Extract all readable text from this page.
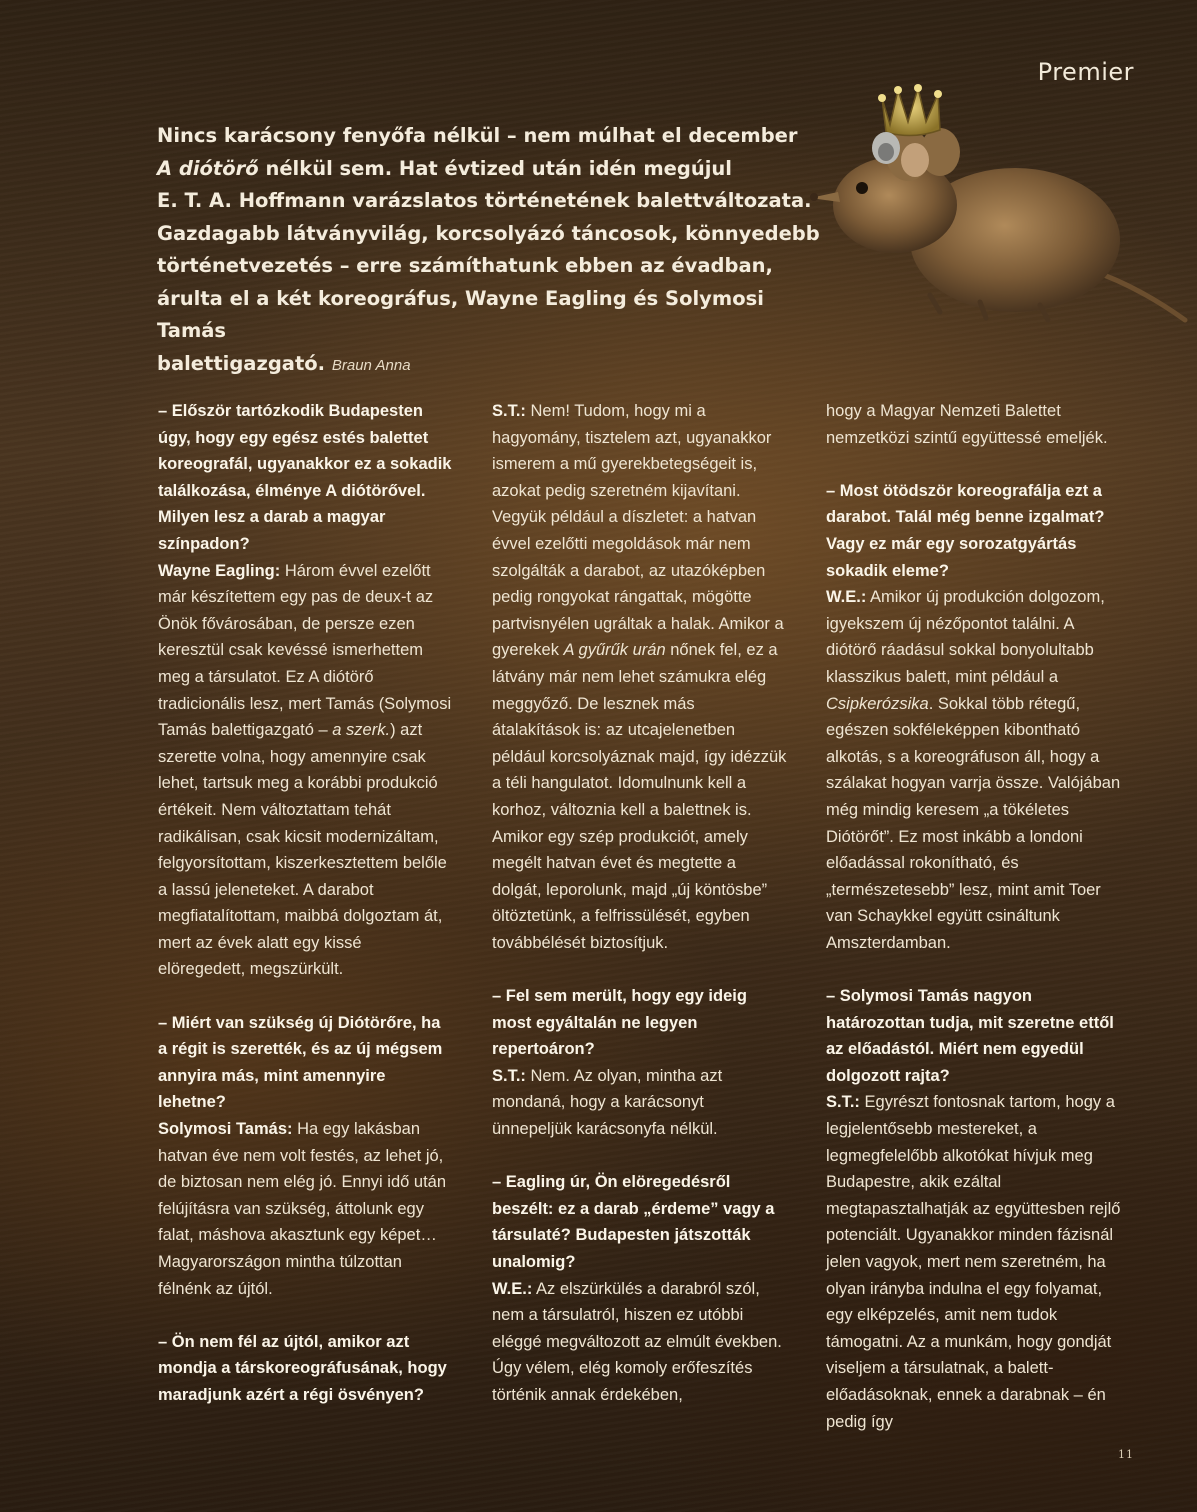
Premier

Nincs karácsony fenyőfa nélkül – nem múlhat el december
A diótörő nélkül sem. Hat évtized után idén megújul
E. T. A. Hoffmann varázslatos történetének balettváltozata.
Gazdagabb látványvilág, korcsolyázó táncosok, könnyedebb
történetvezetés – erre számíthatunk ebben az évadban,
árulta el a két koreográfus, Wayne Eagling és Solymosi Tamás
balettigazgató. Braun Anna

– Először tartózkodik Budapesten úgy, hogy egy egész estés balettet koreografál, ugyanakkor ez a sokadik találkozása, élménye A diótörővel. Milyen lesz a darab a magyar színpadon?

Wayne Eagling: Három évvel ezelőtt már készítettem egy pas de deux-t az Önök fővárosában, de persze ezen keresztül csak kevéssé ismerhettem meg a társulatot. Ez A diótörő tradicionális lesz, mert Tamás (Solymosi Tamás balettigazgató – a szerk.) azt szerette volna, hogy amennyire csak lehet, tartsuk meg a korábbi produkció értékeit. Nem változtattam tehát radikálisan, csak kicsit modernizáltam, felgyorsítottam, kiszerkesztettem belőle a lassú jeleneteket. A darabot megfiatalítottam, maibbá dolgoztam át, mert az évek alatt egy kissé elöregedett, megszürkült.

– Miért van szükség új Diótörőre, ha a régit is szerették, és az új mégsem annyira más, mint amennyire lehetne?

Solymosi Tamás: Ha egy lakásban hatvan éve nem volt festés, az lehet jó, de biztosan nem elég jó. Ennyi idő után felújításra van szükség, áttolunk egy falat, máshova akasztunk egy képet… Magyarországon mintha túlzottan félnénk az újtól.

– Ön nem fél az újtól, amikor azt mondja a társkoreográfusának, hogy maradjunk azért a régi ösvényen?

S.T.: Nem! Tudom, hogy mi a hagyomány, tisztelem azt, ugyanakkor ismerem a mű gyerekbetegségeit is, azokat pedig szeretném kijavítani. Vegyük például a díszletet: a hatvan évvel ezelőtti megoldások már nem szolgálták a darabot, az utazóképben pedig rongyokat rángattak, mögötte partvisnyélen ugráltak a halak. Amikor a gyerekek A gyűrűk urán nőnek fel, ez a látvány már nem lehet számukra elég meggyőző. De lesznek más átalakítások is: az utcajelenetben például korcsolyáznak majd, így idézzük a téli hangulatot. Idomulnunk kell a korhoz, változnia kell a balettnek is. Amikor egy szép produkciót, amely megélt hatvan évet és megtette a dolgát, leporolunk, majd „új köntösbe” öltöztetünk, a felfrissülését, egyben továbbélését biztosítjuk.

– Fel sem merült, hogy egy ideig most egyáltalán ne legyen repertoáron?

S.T.: Nem. Az olyan, mintha azt mondaná, hogy a karácsonyt ünnepeljük karácsonyfa nélkül.

– Eagling úr, Ön elöregedésről beszélt: ez a darab „érdeme” vagy a társulaté? Budapesten játszották unalomig?

W.E.: Az elszürkülés a darabról szól, nem a társulatról, hiszen ez utóbbi eléggé megváltozott az elmúlt években. Úgy vélem, elég komoly erőfeszítés történik annak érdekében,

hogy a Magyar Nemzeti Balettet nemzetközi szintű együttessé emeljék.

– Most ötödször koreografálja ezt a darabot. Talál még benne izgalmat? Vagy ez már egy sorozatgyártás sokadik eleme?

W.E.: Amikor új produkción dolgozom, igyekszem új nézőpontot találni. A diótörő ráadásul sokkal bonyolultabb klasszikus balett, mint például a Csipkerózsika. Sokkal több rétegű, egészen sokféleképpen kibontható alkotás, s a koreográfuson áll, hogy a szálakat hogyan varrja össze. Valójában még mindig keresem „a tökéletes Diótörőt”. Ez most inkább a londoni előadással rokonítható, és „természetesebb” lesz, mint amit Toer van Schaykkel együtt csináltunk Amszterdamban.

– Solymosi Tamás nagyon határozottan tudja, mit szeretne ettől az előadástól. Miért nem egyedül dolgozott rajta?

S.T.: Egyrészt fontosnak tartom, hogy a legjelentősebb mestereket, a legmegfelelőbb alkotókat hívjuk meg Budapestre, akik ezáltal megtapasztalhatják az együttesben rejlő potenciált. Ugyanakkor minden fázisnál jelen vagyok, mert nem szeretném, ha olyan irányba indulna el egy folyamat, egy elképzelés, amit nem tudok támogatni. Az a munkám, hogy gondját viseljem a társulatnak, a balett-előadásoknak, ennek a darabnak – én pedig így

11
